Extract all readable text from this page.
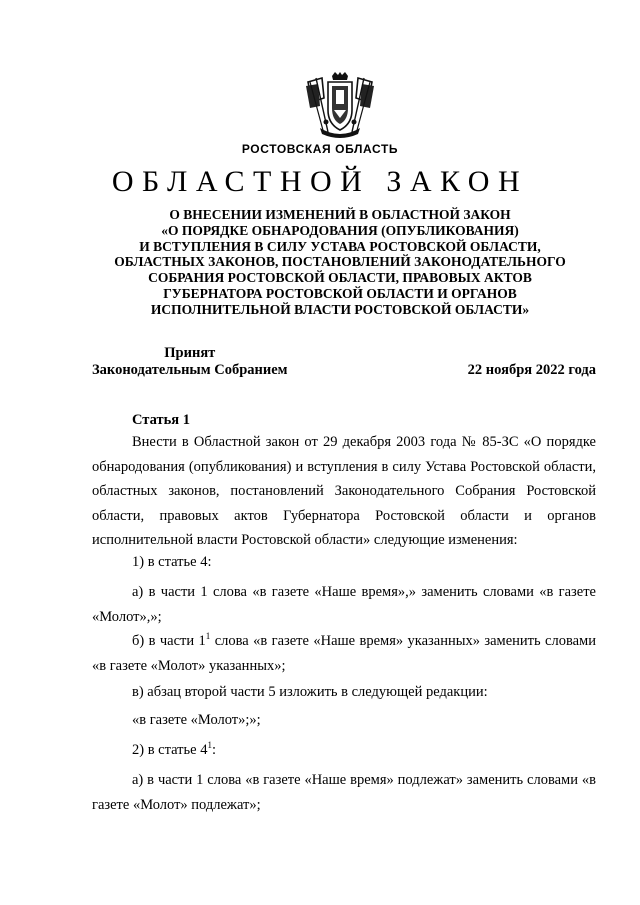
РОСТОВСКАЯ ОБЛАСТЬ
ОБЛАСТНОЙ ЗАКОН
О ВНЕСЕНИИ ИЗМЕНЕНИЙ В ОБЛАСТНОЙ ЗАКОН
«О ПОРЯДКЕ ОБНАРОДОВАНИЯ (ОПУБЛИКОВАНИЯ)
И ВСТУПЛЕНИЯ В СИЛУ УСТАВА РОСТОВСКОЙ ОБЛАСТИ,
ОБЛАСТНЫХ ЗАКОНОВ, ПОСТАНОВЛЕНИЙ ЗАКОНОДАТЕЛЬНОГО
СОБРАНИЯ РОСТОВСКОЙ ОБЛАСТИ, ПРАВОВЫХ АКТОВ
ГУБЕРНАТОРА РОСТОВСКОЙ ОБЛАСТИ И ОРГАНОВ
ИСПОЛНИТЕЛЬНОЙ ВЛАСТИ РОСТОВСКОЙ ОБЛАСТИ»
Принят
Законодательным Собранием	22 ноября 2022 года
Статья 1
Внести в Областной закон от 29 декабря 2003 года № 85-ЗС «О порядке обнародования (опубликования) и вступления в силу Устава Ростовской области, областных законов, постановлений Законодательного Собрания Ростовской области, правовых актов Губернатора Ростовской области и органов исполнительной власти Ростовской области» следующие изменения:
1) в статье 4:
а) в части 1 слова «в газете «Наше время»,» заменить словами «в газете «Молот»,»;
б) в части $1^1$ слова «в газете «Наше время» указанных» заменить словами «в газете «Молот» указанных»;
в) абзац второй части 5 изложить в следующей редакции:
«в газете «Молот»;»;
2) в статье $4^1$:
а) в части 1 слова «в газете «Наше время» подлежат» заменить словами «в газете «Молот» подлежат»;
